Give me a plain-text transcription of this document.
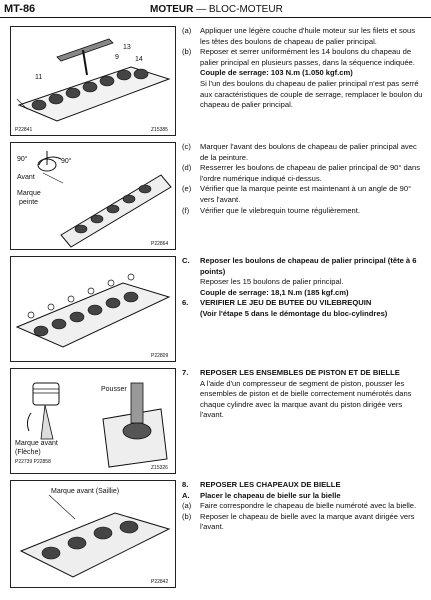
MT-86	MOTEUR — BLOC-MOTEUR
13
9 14
11
P22841	Z15385
90°	90°
Avant
Marque
peinte
P22864
P22809
Pousser
Marque avant
(Flèche)
P22739 P22858
Z15326
Marque avant (Saillie)
P22842
(a)	Appliquer une légère couche d'huile moteur sur les filets et sous les têtes des boulons de chapeau de palier principal.
(b)	Reposer et serrer uniformément les 14 boulons du chapeau de palier principal en plusieurs passes, dans la séquence indiquée.
Couple de serrage: 103 N.m (1.050 kgf.cm)
Si l'un des boulons du chapeau de palier principal n'est pas serré aux caractéristiques de couple de serrage, remplacer le boulon du chapeau de palier principal.
(c)	Marquer l'avant des boulons de chapeau de palier principal avec de la peinture.
(d)	Resserrer les boulons de chapeau de palier principal de 90° dans l'ordre numérique indiqué ci-dessus.
(e)	Vérifier que la marque peinte est maintenant à un angle de 90° vers l'avant.
(f)	Vérifier que le vilebrequin tourne régulièrement.
C.	Reposer les boulons de chapeau de palier principal (tête à 6 points)
Reposer les 15 boulons de palier principal.
Couple de serrage: 18,1 N.m (185 kgf.cm)
6.	VERIFIER LE JEU DE BUTEE DU VILEBREQUIN
(Voir l'étape 5 dans le démontage du bloc-cylindres)
7.	REPOSER LES ENSEMBLES DE PISTON ET DE BIELLE
A l'aide d'un compresseur de segment de piston, pousser les ensembles de piston et de bielle correctement numérotés dans chaque cylindre avec la marque avant du piston dirigée vers l'avant.
8.	REPOSER LES CHAPEAUX DE BIELLE
A.	Placer le chapeau de bielle sur la bielle
(a)	Faire correspondre le chapeau de bielle numéroté avec la bielle.
(b)	Reposer le chapeau de bielle avec la marque avant dirigée vers l'avant.
